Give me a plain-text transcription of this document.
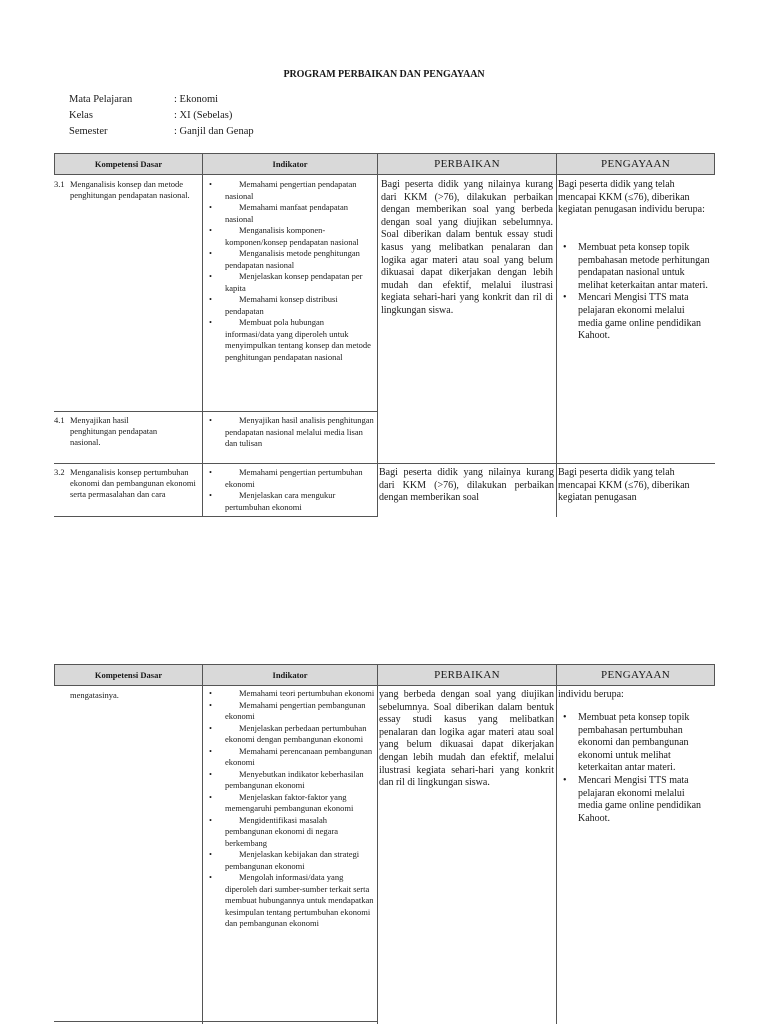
PROGRAM PERBAIKAN DAN PENGAYAAN
Mata Pelajaran	: Ekonomi
Kelas	: XI (Sebelas)
Semester	: Ganjil dan Genap
Kompetensi Dasar	Indikator	PERBAIKAN	PENGAYAAN
3.1 Menganalisis konsep dan metode penghitungan pendapatan nasional.
4.1 Menyajikan hasil penghitungan pendapatan nasional.
3.2 Menganalisis konsep pertumbuhan ekonomi dan pembangunan ekonomi serta permasalahan dan cara
• Memahami pengertian pendapatan nasional
• Memahami manfaat pendapatan nasional
• Menganalisis komponen-komponen/konsep pendapatan nasional
• Menganalisis metode penghitungan pendapatan nasional
• Menjelaskan konsep pendapatan per kapita
• Memahami konsep distribusi pendapatan
• Membuat pola hubungan informasi/data yang diperoleh untuk menyimpulkan tentang konsep dan metode penghitungan pendapatan nasional
• Menyajikan hasil analisis penghitungan pendapatan nasional melalui media lisan dan tulisan
• Memahami pengertian pertumbuhan ekonomi
• Menjelaskan cara mengukur pertumbuhan ekonomi
Bagi peserta didik yang nilainya kurang dari KKM (>76), dilakukan perbaikan dengan memberikan soal yang berbeda dengan soal yang diujikan sebelumnya. Soal diberikan dalam bentuk essay studi kasus yang melibatkan penalaran dan logika agar materi atau soal yang belum dikuasai dapat dikerjakan dengan lebih mudah dan efektif, melalui ilustrasi kegiata sehari-hari yang konkrit dan ril di lingkungan siswa.
Bagi peserta didik yang nilainya kurang dari KKM (>76), dilakukan perbaikan dengan memberikan soal
Bagi peserta didik yang telah mencapai KKM (≤76), diberikan kegiatan penugasan individu berupa:
• Membuat peta konsep topik pembahasan metode perhitungan pendapatan nasional untuk melihat keterkaitan antar materi.
• Mencari Mengisi TTS mata pelajaran ekonomi melalui media game online pendidikan Kahoot.
Bagi peserta didik yang telah mencapai KKM (≤76), diberikan kegiatan penugasan
Kompetensi Dasar	Indikator	PERBAIKAN	PENGAYAAN
mengatasinya.
•	Memahami teori pertumbuhan ekonomi
• Memahami pengertian pembangunan ekonomi
• Menjelaskan perbedaan pertumbuhan ekonomi dengan pembangunan ekonomi
• Memahami perencanaan pembangunan ekonomi
• Menyebutkan indikator keberhasilan pembangunan ekonomi
• Menjelaskan faktor-faktor yang memengaruhi pembangunan ekonomi
• Mengidentifikasi masalah pembangunan ekonomi di negara berkembang
• Menjelaskan kebijakan dan strategi pembangunan ekonomi
• Mengolah informasi/data yang diperoleh dari sumber-sumber terkait serta membuat hubungannya untuk mendapatkan kesimpulan tentang pertumbuhan ekonomi dan pembangunan ekonomi
yang berbeda dengan soal yang diujikan sebelumnya. Soal diberikan dalam bentuk essay studi kasus yang melibatkan penalaran dan logika agar materi atau soal yang belum dikuasai dapat dikerjakan dengan lebih mudah dan efektif, melalui ilustrasi kegiata sehari-hari yang konkrit dan ril di lingkungan siswa.
individu berupa:
• Membuat peta konsep topik pembahasan pertumbuhan ekonomi dan pembangunan ekonomi untuk melihat keterkaitan antar materi.
• Mencari Mengisi TTS mata pelajaran ekonomi melalui media game online pendidikan Kahoot.
